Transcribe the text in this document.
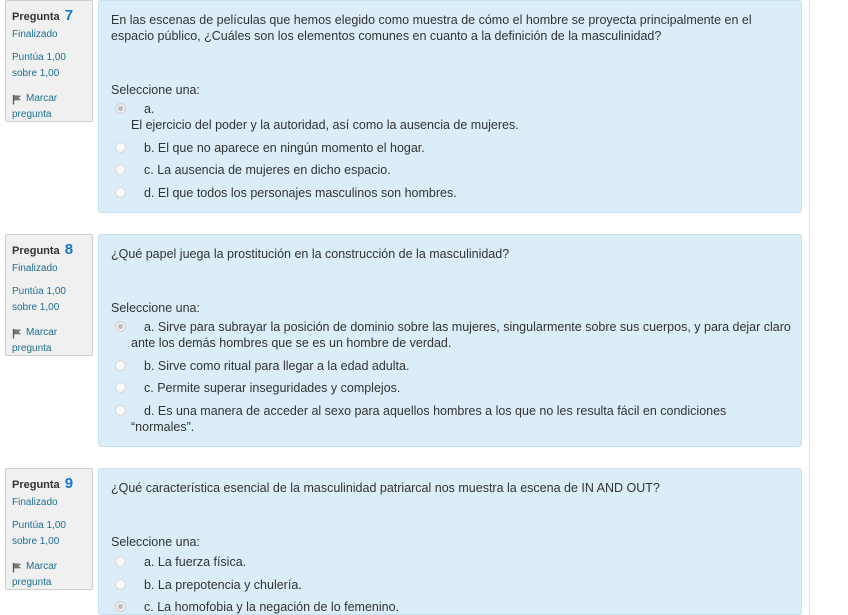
Pregunta 7
Finalizado
Puntúa 1,00
sobre 1,00
Marcar
pregunta
En las escenas de películas que hemos elegido como muestra de cómo el hombre se proyecta principalmente en el espacio público, ¿Cuáles son los elementos comunes en cuanto a la definición de la masculinidad?
Seleccione una:
a.
El ejercicio del poder y la autoridad, así como la ausencia de mujeres.
b. El que no aparece en ningún momento el hogar.
c. La ausencia de mujeres en dicho espacio.
d. El que todos los personajes masculinos son hombres.
Pregunta 8
Finalizado
Puntúa 1,00
sobre 1,00
Marcar
pregunta
¿Qué papel juega la prostitución en la construcción de la masculinidad?
Seleccione una:
a. Sirve para subrayar la posición de dominio sobre las mujeres, singularmente sobre sus cuerpos, y para dejar claro ante los demás hombres que se es un hombre de verdad.
b. Sirve como ritual para llegar a la edad adulta.
c. Permite superar inseguridades y complejos.
d. Es una manera de acceder al sexo para aquellos hombres a los que no les resulta fácil en condiciones “normales”.
Pregunta 9
Finalizado
Puntúa 1,00
sobre 1,00
Marcar
pregunta
¿Qué característica esencial de la masculinidad patriarcal nos muestra la escena de IN AND OUT?
Seleccione una:
a. La fuerza física.
b. La prepotencia y chulería.
c. La homofobia y la negación de lo femenino.
